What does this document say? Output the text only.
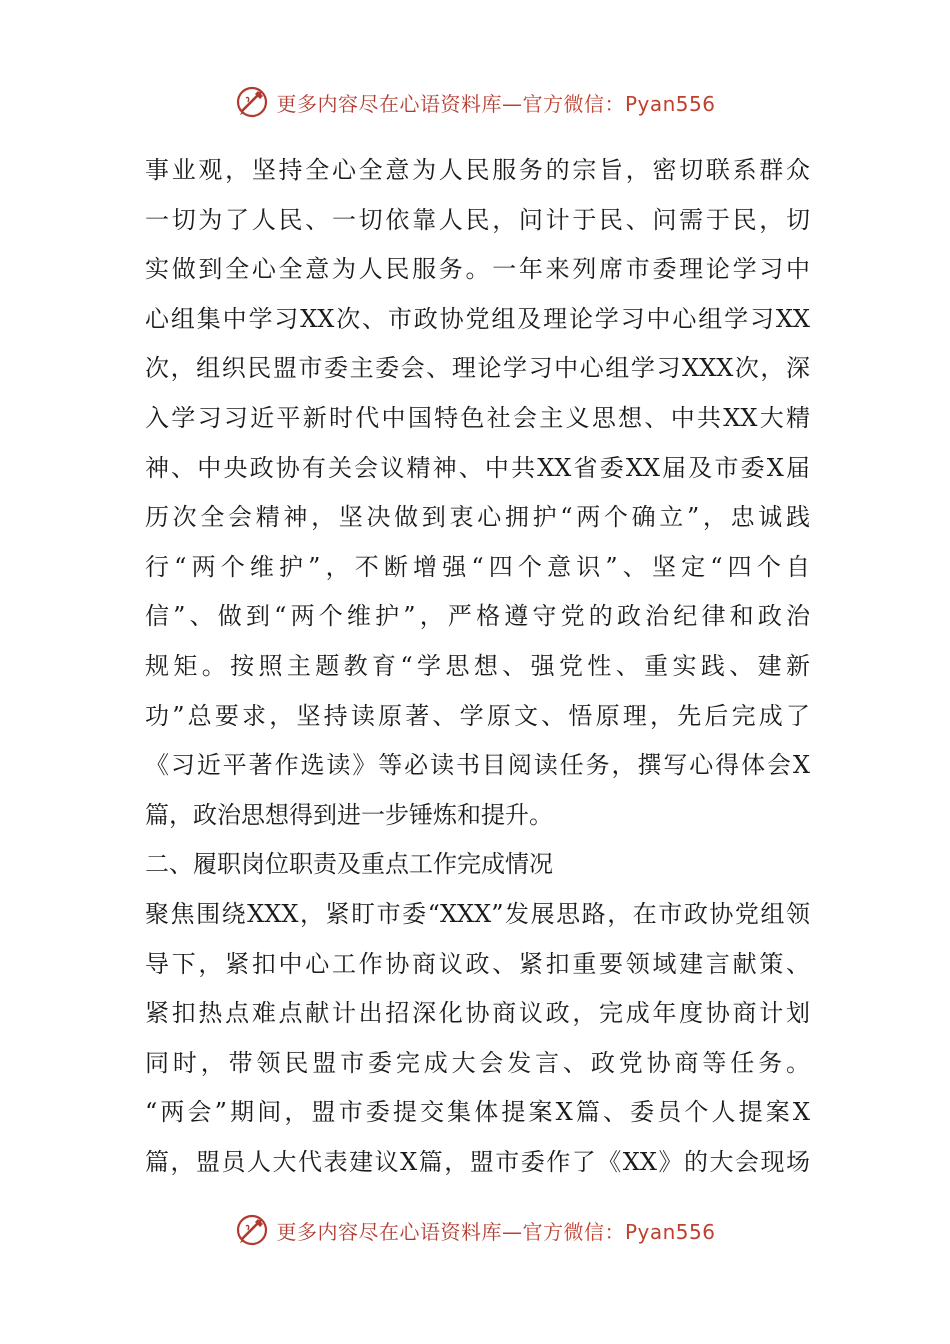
更多内容尽在心语资料库—官方微信：Pyan556
事业观，坚持全心全意为人民服务的宗旨，密切联系群众
一切为了人民、一切依靠人民，问计于民、问需于民，切
实做到全心全意为人民服务。一年来列席市委理论学习中
心组集中学习XX次、市政协党组及理论学习中心组学习XX
次，组织民盟市委主委会、理论学习中心组学习XXX次，深
入学习习近平新时代中国特色社会主义思想、中共XX大精
神、中央政协有关会议精神、中共XX省委XX届及市委X届
历次全会精神，坚决做到衷心拥护“两个确立”，忠诚践
行“两个维护”，不断增强“四个意识”、坚定“四个自
信”、做到“两个维护”，严格遵守党的政治纪律和政治
规矩。按照主题教育“学思想、强党性、重实践、建新
功”总要求，坚持读原著、学原文、悟原理，先后完成了
《习近平著作选读》等必读书目阅读任务，撰写心得体会X
篇，政治思想得到进一步锤炼和提升。
二、履职岗位职责及重点工作完成情况
聚焦围绕XXX，紧盯市委“XXX”发展思路，在市政协党组领
导下，紧扣中心工作协商议政、紧扣重要领域建言献策、
紧扣热点难点献计出招深化协商议政，完成年度协商计划
同时，带领民盟市委完成大会发言、政党协商等任务。
“两会”期间，盟市委提交集体提案X篇、委员个人提案X
篇，盟员人大代表建议X篇，盟市委作了《XX》的大会现场
更多内容尽在心语资料库—官方微信：Pyan556
